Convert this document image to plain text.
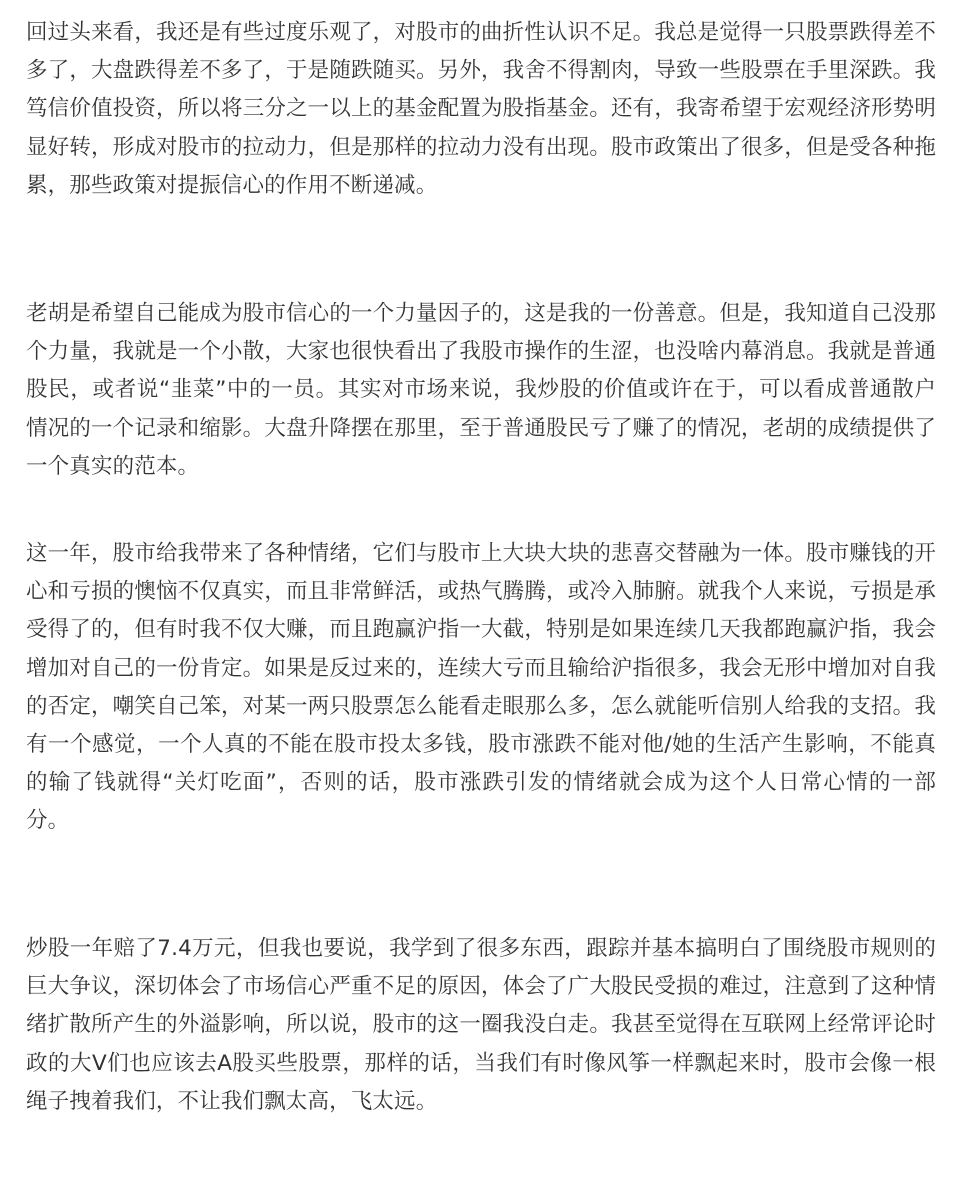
回过头来看，我还是有些过度乐观了，对股市的曲折性认识不足。我总是觉得一只股票跌得差不多了，大盘跌得差不多了，于是随跌随买。另外，我舍不得割肉，导致一些股票在手里深跌。我笃信价值投资，所以将三分之一以上的基金配置为股指基金。还有，我寄希望于宏观经济形势明显好转，形成对股市的拉动力，但是那样的拉动力没有出现。股市政策出了很多，但是受各种拖累，那些政策对提振信心的作用不断递减。

老胡是希望自己能成为股市信心的一个力量因子的，这是我的一份善意。但是，我知道自己没那个力量，我就是一个小散，大家也很快看出了我股市操作的生涩，也没啥内幕消息。我就是普通股民，或者说“韭菜”中的一员。其实对市场来说，我炒股的价值或许在于，可以看成普通散户情况的一个记录和缩影。大盘升降摆在那里，至于普通股民亏了赚了的情况，老胡的成绩提供了一个真实的范本。

这一年，股市给我带来了各种情绪，它们与股市上大块大块的悲喜交替融为一体。股市赚钱的开心和亏损的懊恼不仅真实，而且非常鲜活，或热气腾腾，或冷入肺腑。就我个人来说，亏损是承受得了的，但有时我不仅大赚，而且跑赢沪指一大截，特别是如果连续几天我都跑赢沪指，我会增加对自己的一份肯定。如果是反过来的，连续大亏而且输给沪指很多，我会无形中增加对自我的否定，嘲笑自己笨，对某一两只股票怎么能看走眼那么多，怎么就能听信别人给我的支招。我有一个感觉，一个人真的不能在股市投太多钱，股市涨跌不能对他/她的生活产生影响，不能真的输了钱就得“关灯吃面”，否则的话，股市涨跌引发的情绪就会成为这个人日常心情的一部分。

炒股一年赔了7.4万元，但我也要说，我学到了很多东西，跟踪并基本搞明白了围绕股市规则的巨大争议，深切体会了市场信心严重不足的原因，体会了广大股民受损的难过，注意到了这种情绪扩散所产生的外溢影响，所以说，股市的这一圈我没白走。我甚至觉得在互联网上经常评论时政的大V们也应该去A股买些股票，那样的话，当我们有时像风筝一样飘起来时，股市会像一根绳子拽着我们，不让我们飘太高，飞太远。
